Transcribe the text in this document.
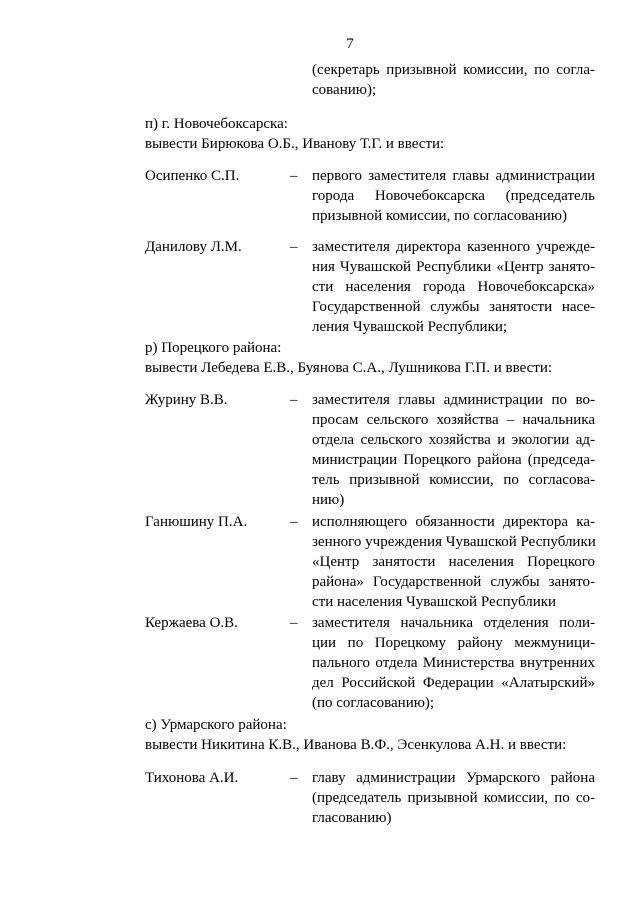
7
(секретарь призывной комиссии, по согла-
сованию);
п) г. Новочебоксарска:
вывести Бирюкова О.Б., Иванову Т.Г. и ввести:
Осипенко С.П.	– первого заместителя главы администрации
города Новочебоксарска (председатель
призывной комиссии, по согласованию)
Данилову Л.М.	– заместителя директора казенного учрежде-
ния Чувашской Республики «Центр занято-
сти населения города Новочебоксарска»
Государственной службы занятости насе-
ления Чувашской Республики;
р) Порецкого района:
вывести Лебедева Е.В., Буянова С.А., Лушникова Г.П. и ввести:
Журину В.В.	– заместителя главы администрации по во-
просам сельского хозяйства – начальника
отдела сельского хозяйства и экологии ад-
министрации Порецкого района (председа-
тель призывной комиссии, по согласова-
нию)
Ганюшину П.А.	– исполняющего обязанности директора ка-
зенного учреждения Чувашской Республики
«Центр занятости населения Порецкого
района» Государственной службы занято-
сти населения Чувашской Республики
Кержаева О.В.	– заместителя начальника отделения поли-
ции по Порецкому району межмуници-
пального отдела Министерства внутренних
дел Российской Федерации «Алатырский»
(по согласованию);
с) Урмарского района:
вывести Никитина К.В., Иванова В.Ф., Эсенкулова А.Н. и ввести:
Тихонова А.И.	– главу администрации Урмарского района
(председатель призывной комиссии, по со-
гласованию)
